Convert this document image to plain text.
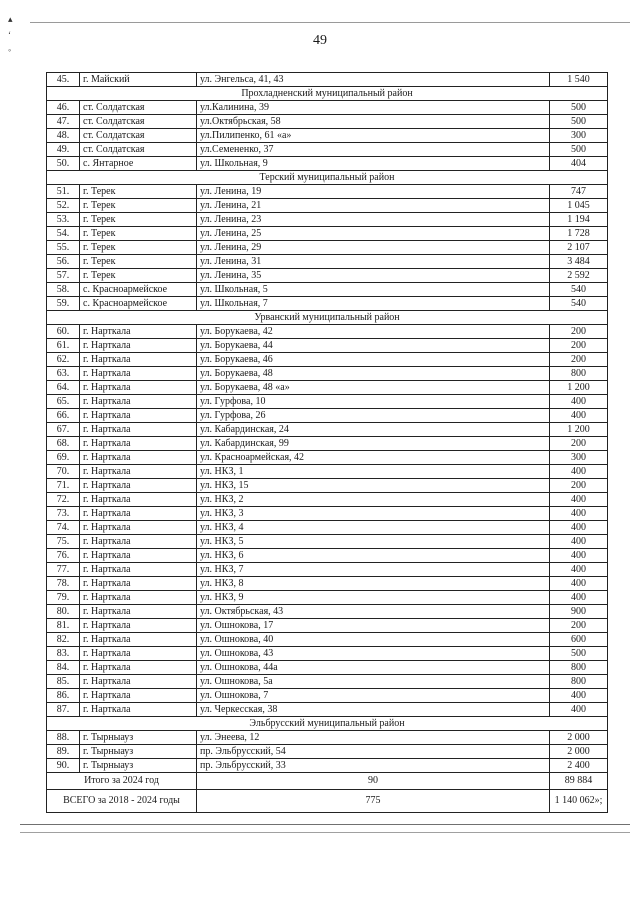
▴
ʻ
◦
49
45.	г. Майский	ул. Энгельса, 41, 43	1 540
Прохладненский муниципальный район			
46.	ст. Солдатская	ул.Калинина, 39	500
47.	ст. Солдатская	ул.Октябрьская, 58	500
48.	ст. Солдатская	ул.Пилипенко, 61 «а»	300
49.	ст. Солдатская	ул.Семененко, 37	500
50.	с. Янтарное	ул. Школьная, 9	404
Терский муниципальный район			
51.	г. Терек	ул. Ленина, 19	747
52.	г. Терек	ул. Ленина, 21	1 045
53.	г. Терек	ул. Ленина, 23	1 194
54.	г. Терек	ул. Ленина, 25	1 728
55.	г. Терек	ул. Ленина, 29	2 107
56.	г. Терек	ул. Ленина, 31	3 484
57.	г. Терек	ул. Ленина, 35	2 592
58.	с. Красноармейское	ул. Школьная, 5	540
59.	с. Красноармейское	ул. Школьная, 7	540
Урванский муниципальный район			
60.	г. Нарткала	ул. Борукаева, 42	200
61.	г. Нарткала	ул. Борукаева, 44	200
62.	г. Нарткала	ул. Борукаева, 46	200
63.	г. Нарткала	ул. Борукаева, 48	800
64.	г. Нарткала	ул. Борукаева, 48 «а»	1 200
65.	г. Нарткала	ул. Гурфова, 10	400
66.	г. Нарткала	ул. Гурфова, 26	400
67.	г. Нарткала	ул. Кабардинская, 24	1 200
68.	г. Нарткала	ул. Кабардинская, 99	200
69.	г. Нарткала	ул. Красноармейская, 42	300
70.	г. Нарткала	ул. НКЗ, 1	400
71.	г. Нарткала	ул. НКЗ, 15	200
72.	г. Нарткала	ул. НКЗ, 2	400
73.	г. Нарткала	ул. НКЗ, 3	400
74.	г. Нарткала	ул. НКЗ, 4	400
75.	г. Нарткала	ул. НКЗ, 5	400
76.	г. Нарткала	ул. НКЗ, 6	400
77.	г. Нарткала	ул. НКЗ, 7	400
78.	г. Нарткала	ул. НКЗ, 8	400
79.	г. Нарткала	ул. НКЗ, 9	400
80.	г. Нарткала	ул. Октябрьская, 43	900
81.	г. Нарткала	ул. Ошнокова, 17	200
82.	г. Нарткала	ул. Ошнокова, 40	600
83.	г. Нарткала	ул. Ошнокова, 43	500
84.	г. Нарткала	ул. Ошнокова, 44а	800
85.	г. Нарткала	ул. Ошнокова, 5а	800
86.	г. Нарткала	ул. Ошнокова, 7	400
87.	г. Нарткала	ул. Черкесская, 38	400
Эльбрусский муниципальный район			
88.	г. Тырныауз	ул. Энеева, 12	2 000
89.	г. Тырныауз	пр. Эльбрусский, 54	2 000
90.	г. Тырныауз	пр. Эльбрусский, 33	2 400
Итого за 2024 год		90	89 884
ВСЕГО за 2018 - 2024 годы		775	1 140 062»;
